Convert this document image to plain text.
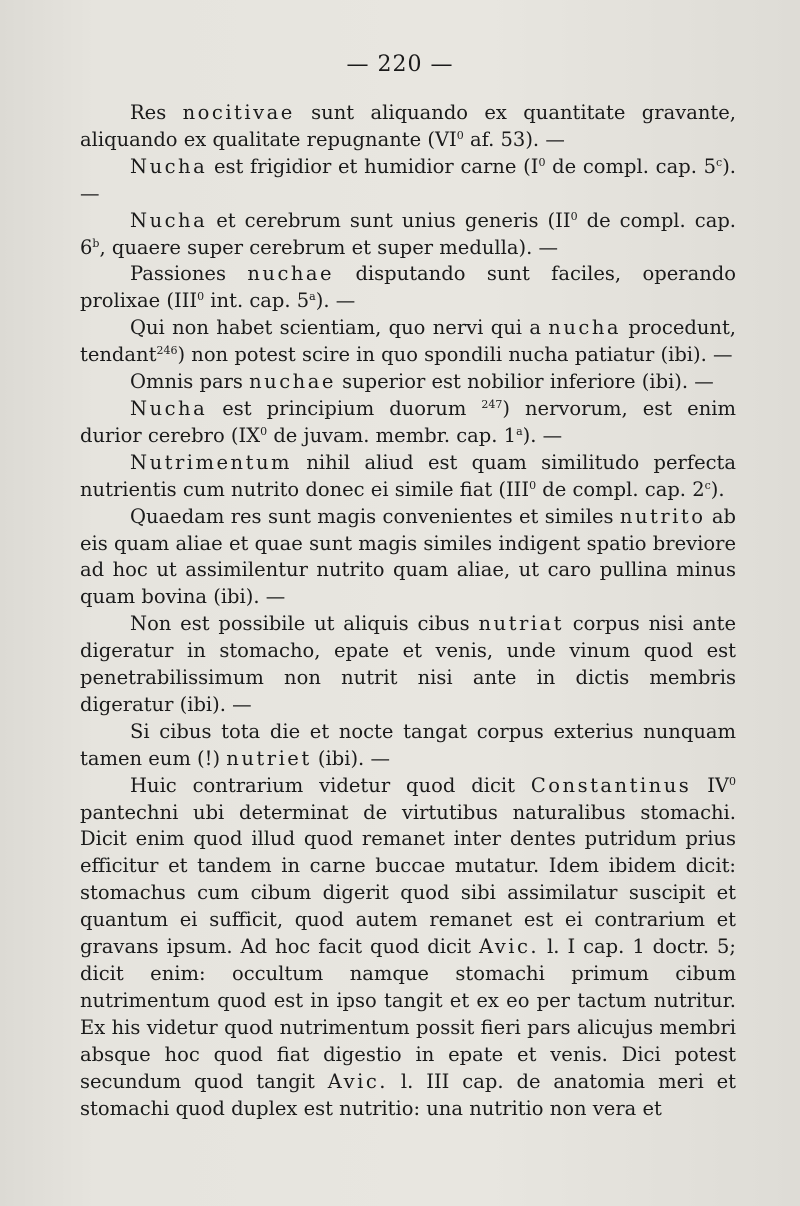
— 220 —

Res nocitivae sunt aliquando ex quantitate gravante, aliquando ex qualitate repugnante ($VI^0$ af. 53). —

Nucha est frigidior et humidior carne ($I^0$ de compl. cap. 5$^c$). —

Nucha et cerebrum sunt unius generis ($II^0$ de compl. cap. 6$^b$, quaere super cerebrum et super medulla). —

Passiones nuchae disputando sunt faciles, operando prolixae (III$^0$ int. cap. 5$^a$). —

Qui non habet scientiam, quo nervi qui a nucha procedunt, tendant$^{246}$) non potest scire in quo spondili nucha patiatur (ibi). —

Omnis pars nuchae superior est nobilior inferiore (ibi). —

Nucha est principium duorum $^{247}$) nervorum, est enim durior cerebro ($IX^0$ de juvam. membr. cap. 1$^a$). —

Nutrimentum nihil aliud est quam similitudo perfecta nutrientis cum nutrito donec ei simile fiat (III$^0$ de compl. cap. 2$^c$).

Quaedam res sunt magis convenientes et similes nutrito ab eis quam aliae et quae sunt magis similes indigent spatio breviore ad hoc ut assimilentur nutrito quam aliae, ut caro pullina minus quam bovina (ibi). —

Non est possibile ut aliquis cibus nutriat corpus nisi ante digeratur in stomacho, epate et venis, unde vinum quod est penetrabilissimum non nutrit nisi ante in dictis membris digeratur (ibi). —

Si cibus tota die et nocte tangat corpus exterius nunquam tamen eum (!) nutriet (ibi). —

Huic contrarium videtur quod dicit Constantinus $IV^0$ pantechni ubi determinat de virtutibus naturalibus stomachi. Dicit enim quod illud quod remanet inter dentes putridum prius efficitur et tandem in carne buccae mutatur. Idem ibidem dicit: stomachus cum cibum digerit quod sibi assimilatur suscipit et quantum ei sufficit, quod autem remanet est ei contrarium et gravans ipsum. Ad hoc facit quod dicit Avic. l. I cap. 1 doctr. 5; dicit enim: occultum namque stomachi primum cibum nutrimentum quod est in ipso tangit et ex eo per tactum nutritur. Ex his videtur quod nutrimentum possit fieri pars alicujus membri absque hoc quod fiat digestio in epate et venis. Dici potest secundum quod tangit Avic. l. III cap. de anatomia meri et stomachi quod duplex est nutritio: una nutritio non vera et
